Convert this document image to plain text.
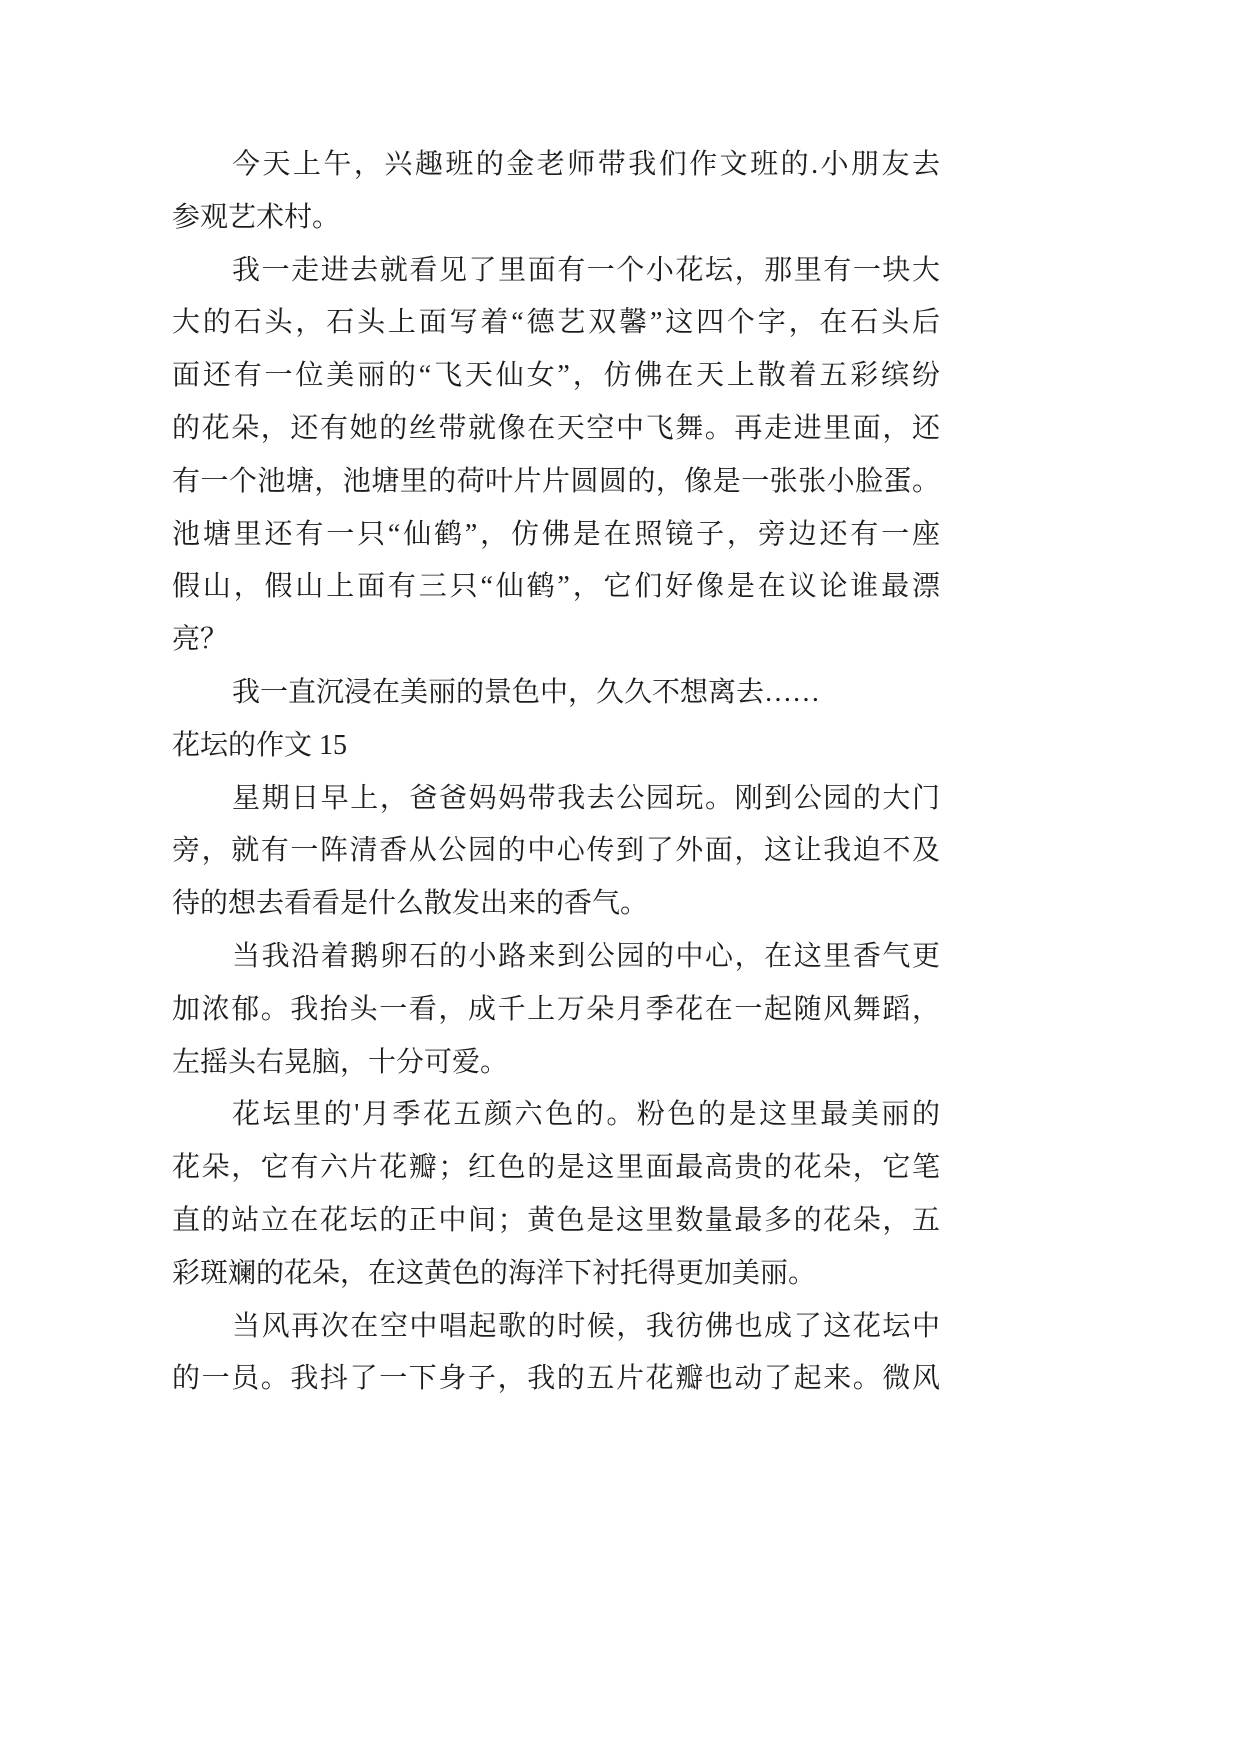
今天上午，兴趣班的金老师带我们作文班的.小朋友去
参观艺术村。
我一走进去就看见了里面有一个小花坛，那里有一块大
大的石头，石头上面写着“德艺双馨”这四个字，在石头后
面还有一位美丽的“飞天仙女”，仿佛在天上散着五彩缤纷
的花朵，还有她的丝带就像在天空中飞舞。再走进里面，还
有一个池塘，池塘里的荷叶片片圆圆的，像是一张张小脸蛋。
池塘里还有一只“仙鹤”，仿佛是在照镜子，旁边还有一座
假山，假山上面有三只“仙鹤”，它们好像是在议论谁最漂
亮？
我一直沉浸在美丽的景色中，久久不想离去……
花坛的作文 15
星期日早上，爸爸妈妈带我去公园玩。刚到公园的大门
旁，就有一阵清香从公园的中心传到了外面，这让我迫不及
待的想去看看是什么散发出来的香气。
当我沿着鹅卵石的小路来到公园的中心，在这里香气更
加浓郁。我抬头一看，成千上万朵月季花在一起随风舞蹈，
左摇头右晃脑，十分可爱。
花坛里的'月季花五颜六色的。粉色的是这里最美丽的
花朵，它有六片花瓣；红色的是这里面最高贵的花朵，它笔
直的站立在花坛的正中间；黄色是这里数量最多的花朵，五
彩斑斓的花朵，在这黄色的海洋下衬托得更加美丽。
当风再次在空中唱起歌的时候，我彷佛也成了这花坛中
的一员。我抖了一下身子，我的五片花瓣也动了起来。微风
